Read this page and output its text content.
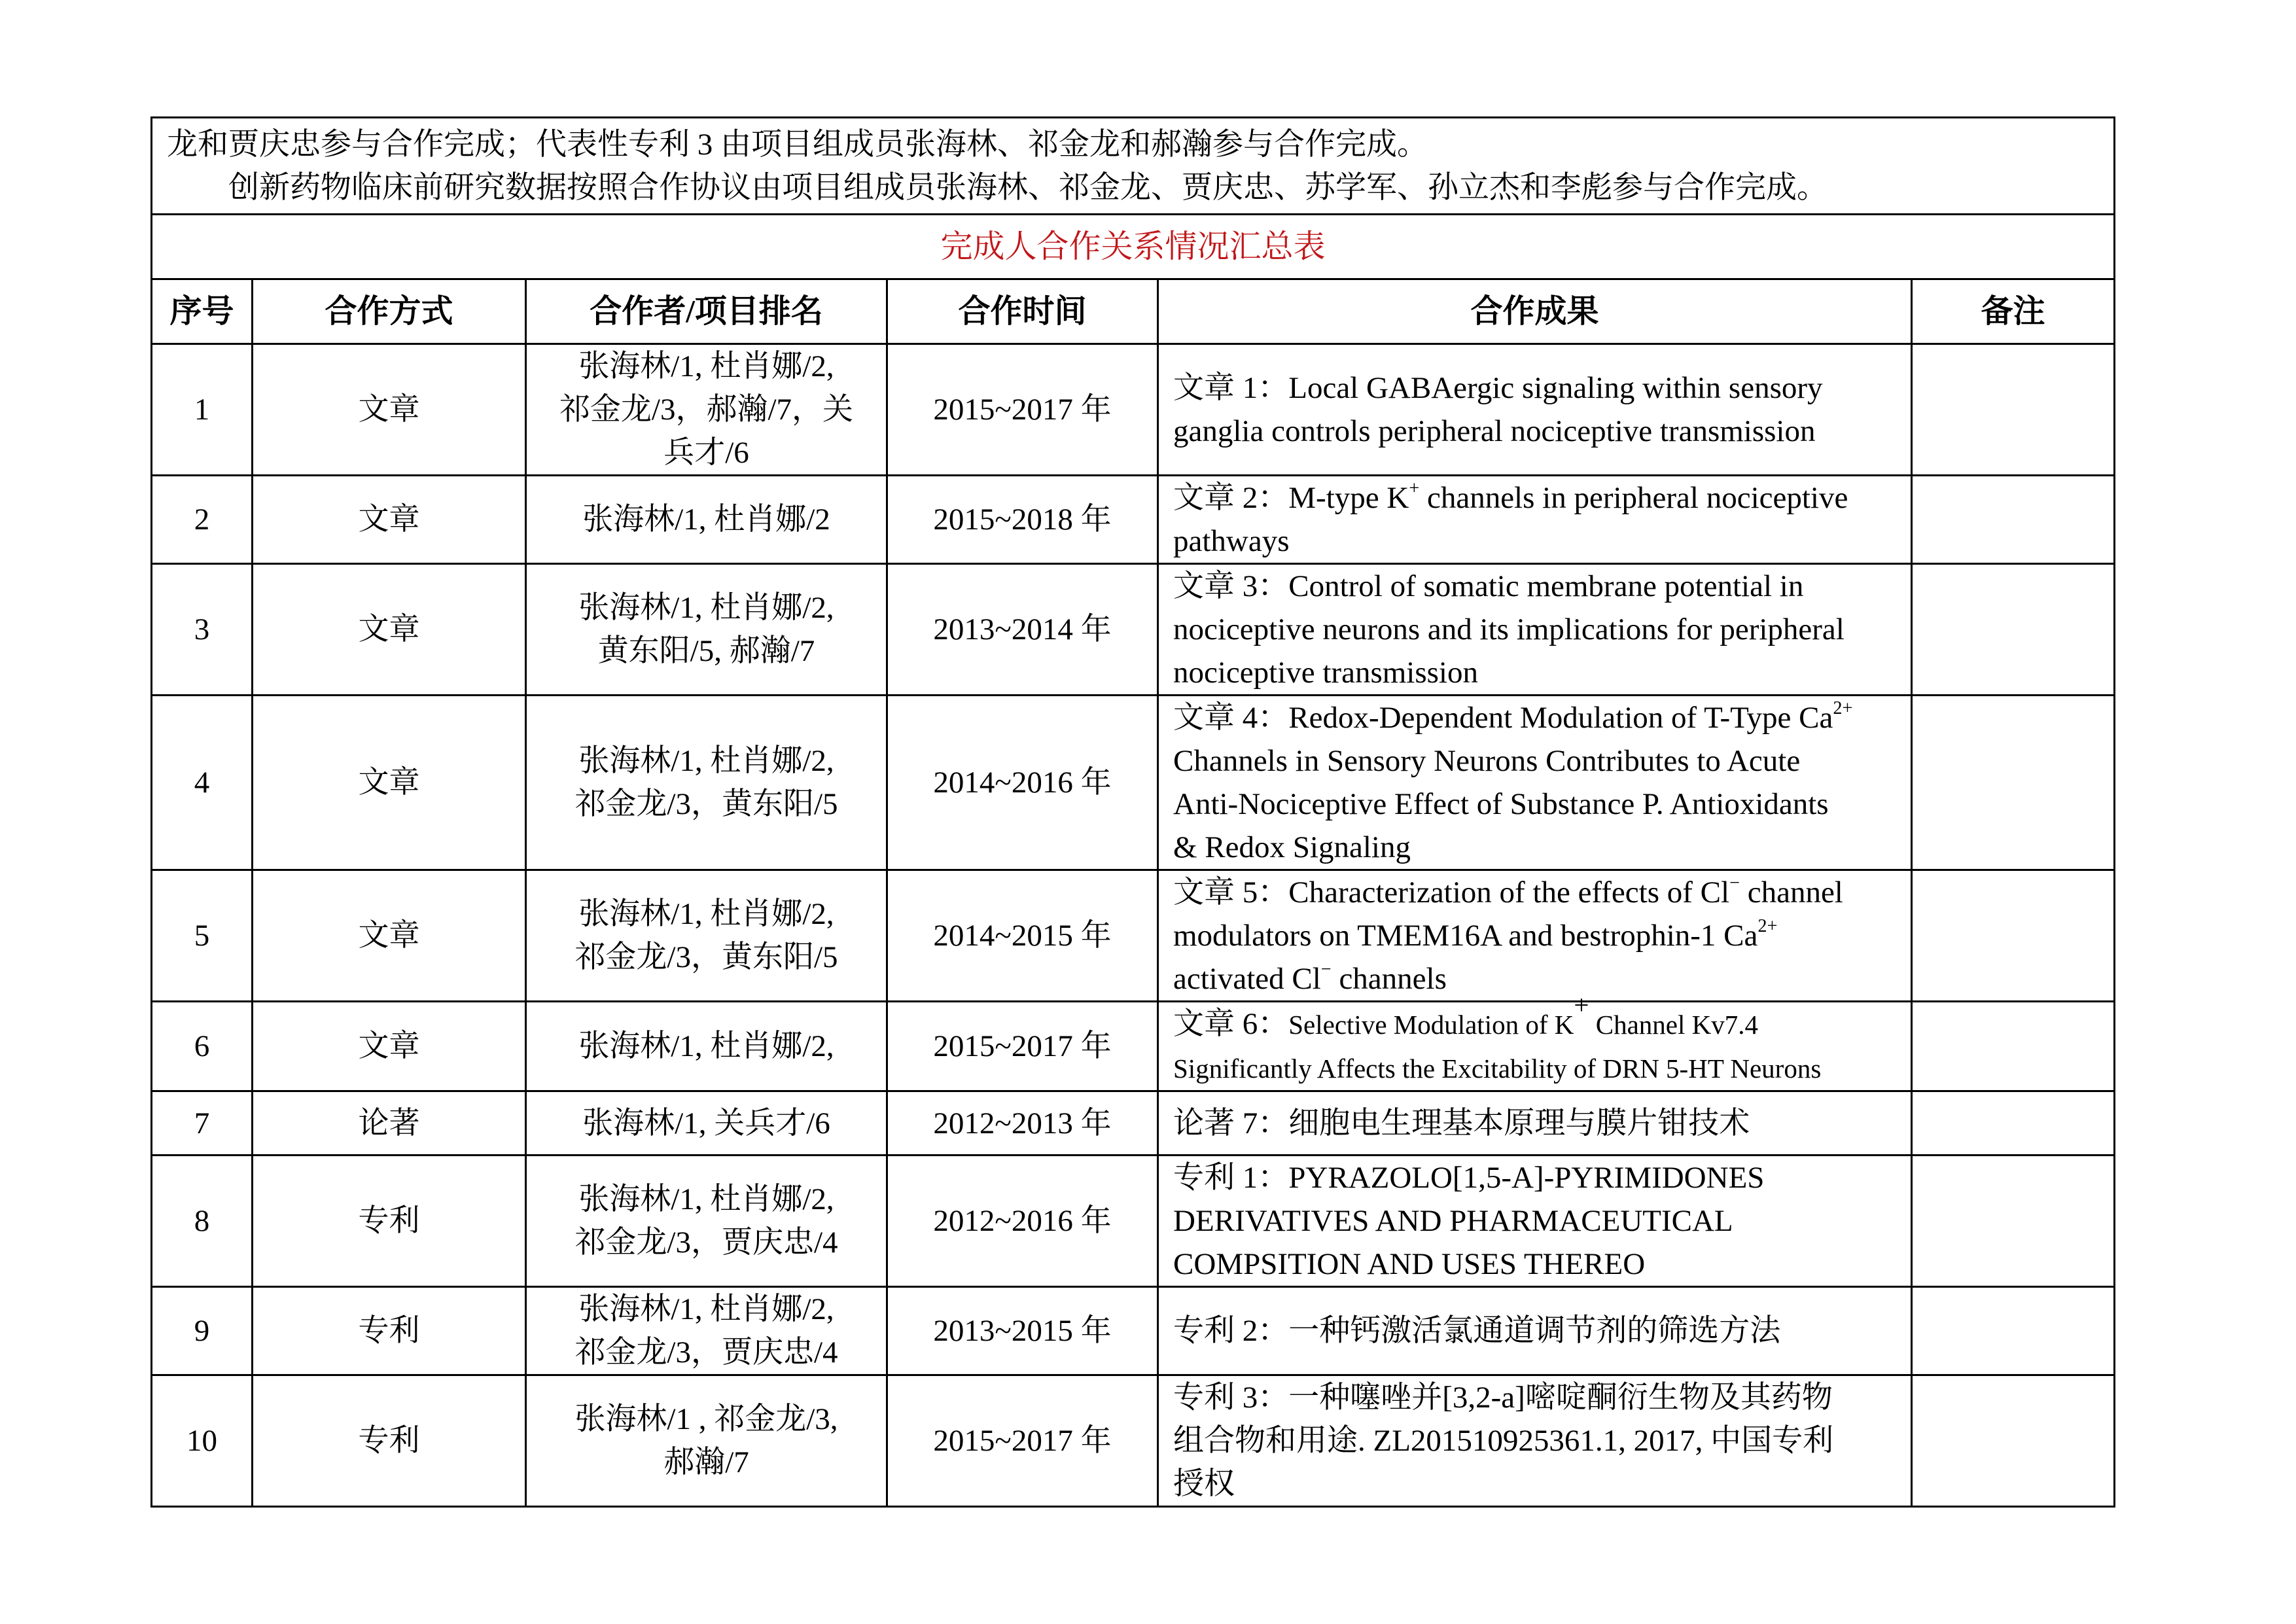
龙和贾庆忠参与合作完成；代表性专利 3 由项目组成员张海林、祁金龙和郝瀚参与合作完成。
创新药物临床前研究数据按照合作协议由项目组成员张海林、祁金龙、贾庆忠、苏学军、孙立杰和李彪参与合作完成。					

完成人合作关系情况汇总表					
序号	合作方式	合作者/项目排名	合作时间	合作成果	备注
1	文章	张海林/1, 杜肖娜/2,
祁金龙/3，郝瀚/7，关
兵才/6	2015~2017 年	文章 1：Local GABAergic signaling within sensory
ganglia controls peripheral nociceptive transmission	
2	文章	张海林/1, 杜肖娜/2	2015~2018 年	文章 2：M-type K+ channels in peripheral nociceptive
pathways	
3	文章	张海林/1, 杜肖娜/2,
黄东阳/5, 郝瀚/7	2013~2014 年	文章 3：Control of somatic membrane potential in
nociceptive neurons and its implications for peripheral
nociceptive transmission	
4	文章	张海林/1, 杜肖娜/2,
祁金龙/3，黄东阳/5	2014~2016 年	文章 4：Redox-Dependent Modulation of T-Type $Ca^{2+}$
Channels in Sensory Neurons Contributes to Acute
Anti-Nociceptive Effect of Substance P. Antioxidants
& Redox Signaling	
5	文章	张海林/1, 杜肖娜/2,
祁金龙/3，黄东阳/5	2014~2015 年	文章 5：Characterization of the effects of Cl− channel
modulators on TMEM16A and bestrophin-1 $Ca^{2+}$
activated Cl− channels	
6	文章	张海林/1, 杜肖娜/2,	2015~2017 年	文章 6：Selective Modulation of K+ Channel Kv7.4
Significantly Affects the Excitability of DRN 5-HT Neurons	
7	论著	张海林/1, 关兵才/6	2012~2013 年	论著 7：细胞电生理基本原理与膜片钳技术	
8	专利	张海林/1, 杜肖娜/2,
祁金龙/3，贾庆忠/4	2012~2016 年	专利 1：PYRAZOLO[1,5-A]-PYRIMIDONES
DERIVATIVES AND PHARMACEUTICAL
COMPSITION AND USES THEREO	
9	专利	张海林/1, 杜肖娜/2,
祁金龙/3，贾庆忠/4	2013~2015 年	专利 2：一种钙激活氯通道调节剂的筛选方法	
10	专利	张海林/1 , 祁金龙/3,
郝瀚/7	2015~2017 年	专利 3：一种噻唑并[3,2-a]嘧啶酮衍生物及其药物
组合物和用途. ZL201510925361.1, 2017, 中国专利
授权	
